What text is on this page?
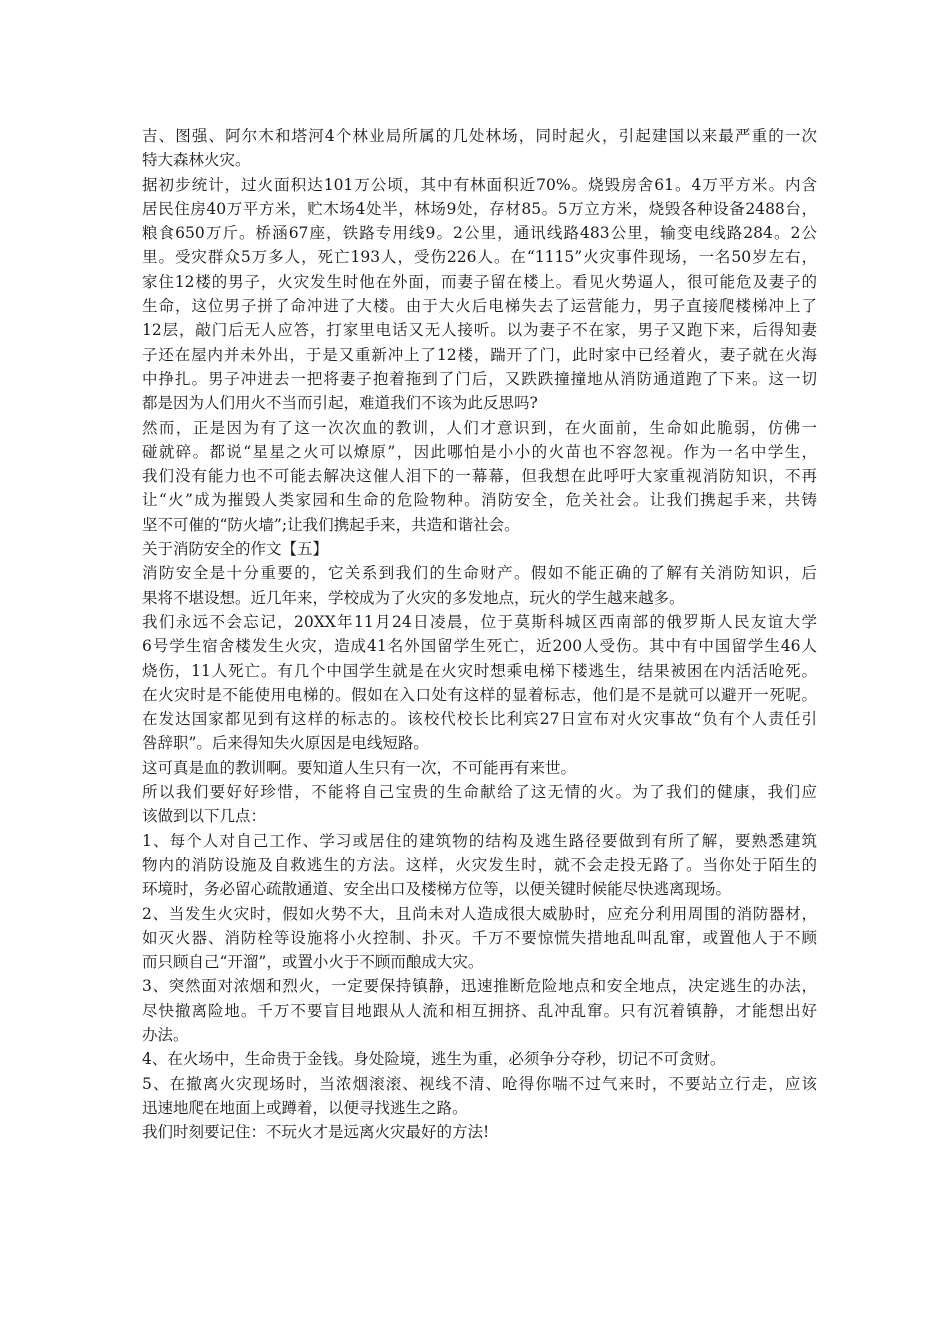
吉、图强、阿尔木和塔河4个林业局所属的几处林场，同时起火，引起建国以来最严重的一次
特大森林火灾。
据初步统计，过火面积达101万公顷，其中有林面积近70%。烧毁房舍61。4万平方米。内含
居民住房40万平方米，贮木场4处半，林场9处，存材85。5万立方米，烧毁各种设备2488台，
粮食650万斤。桥涵67座，铁路专用线9。2公里，通讯线路483公里，输变电线路284。2公
里。受灾群众5万多人，死亡193人，受伤226人。在“1115”火灾事件现场，一名50岁左右，
家住12楼的男子，火灾发生时他在外面，而妻子留在楼上。看见火势逼人，很可能危及妻子的
生命，这位男子拼了命冲进了大楼。由于大火后电梯失去了运营能力，男子直接爬楼梯冲上了
12层，敲门后无人应答，打家里电话又无人接听。以为妻子不在家，男子又跑下来，后得知妻
子还在屋内并未外出，于是又重新冲上了12楼，踹开了门，此时家中已经着火，妻子就在火海
中挣扎。男子冲进去一把将妻子抱着拖到了门后，又跌跌撞撞地从消防通道跑了下来。这一切
都是因为人们用火不当而引起，难道我们不该为此反思吗?
然而，正是因为有了这一次次血的教训，人们才意识到，在火面前，生命如此脆弱，仿佛一
碰就碎。都说“星星之火可以燎原”，因此哪怕是小小的火苗也不容忽视。作为一名中学生，
我们没有能力也不可能去解决这催人泪下的一幕幕，但我想在此呼吁大家重视消防知识，不再
让“火”成为摧毁人类家园和生命的危险物种。消防安全，危关社会。让我们携起手来，共铸
坚不可催的“防火墙”;让我们携起手来，共造和谐社会。
关于消防安全的作文【五】
消防安全是十分重要的，它关系到我们的生命财产。假如不能正确的了解有关消防知识，后
果将不堪设想。近几年来，学校成为了火灾的多发地点，玩火的学生越来越多。
我们永远不会忘记，20XX年11月24日凌晨，位于莫斯科城区西南部的俄罗斯人民友谊大学
6号学生宿舍楼发生火灾，造成41名外国留学生死亡，近200人受伤。其中有中国留学生46人
烧伤，11人死亡。有几个中国学生就是在火灾时想乘电梯下楼逃生，结果被困在内活活呛死。
在火灾时是不能使用电梯的。假如在入口处有这样的显着标志，他们是不是就可以避开一死呢。
在发达国家都见到有这样的标志的。该校代校长比利宾27日宣布对火灾事故“负有个人责任引
咎辞职”。后来得知失火原因是电线短路。
这可真是血的教训啊。要知道人生只有一次，不可能再有来世。
所以我们要好好珍惜，不能将自己宝贵的生命献给了这无情的火。为了我们的健康，我们应
该做到以下几点：
1、每个人对自己工作、学习或居住的建筑物的结构及逃生路径要做到有所了解，要熟悉建筑
物内的消防设施及自救逃生的方法。这样，火灾发生时，就不会走投无路了。当你处于陌生的
环境时，务必留心疏散通道、安全出口及楼梯方位等，以便关键时候能尽快逃离现场。
2、当发生火灾时，假如火势不大，且尚未对人造成很大威胁时，应充分利用周围的消防器材，
如灭火器、消防栓等设施将小火控制、扑灭。千万不要惊慌失措地乱叫乱窜，或置他人于不顾
而只顾自己“开溜”，或置小火于不顾而酿成大灾。
3、突然面对浓烟和烈火，一定要保持镇静，迅速推断危险地点和安全地点，决定逃生的办法，
尽快撤离险地。千万不要盲目地跟从人流和相互拥挤、乱冲乱窜。只有沉着镇静，才能想出好
办法。
4、在火场中，生命贵于金钱。身处险境，逃生为重，必须争分夺秒，切记不可贪财。
5、在撤离火灾现场时，当浓烟滚滚、视线不清、呛得你喘不过气来时，不要站立行走，应该
迅速地爬在地面上或蹲着，以便寻找逃生之路。
我们时刻要记住：不玩火才是远离火灾最好的方法!
